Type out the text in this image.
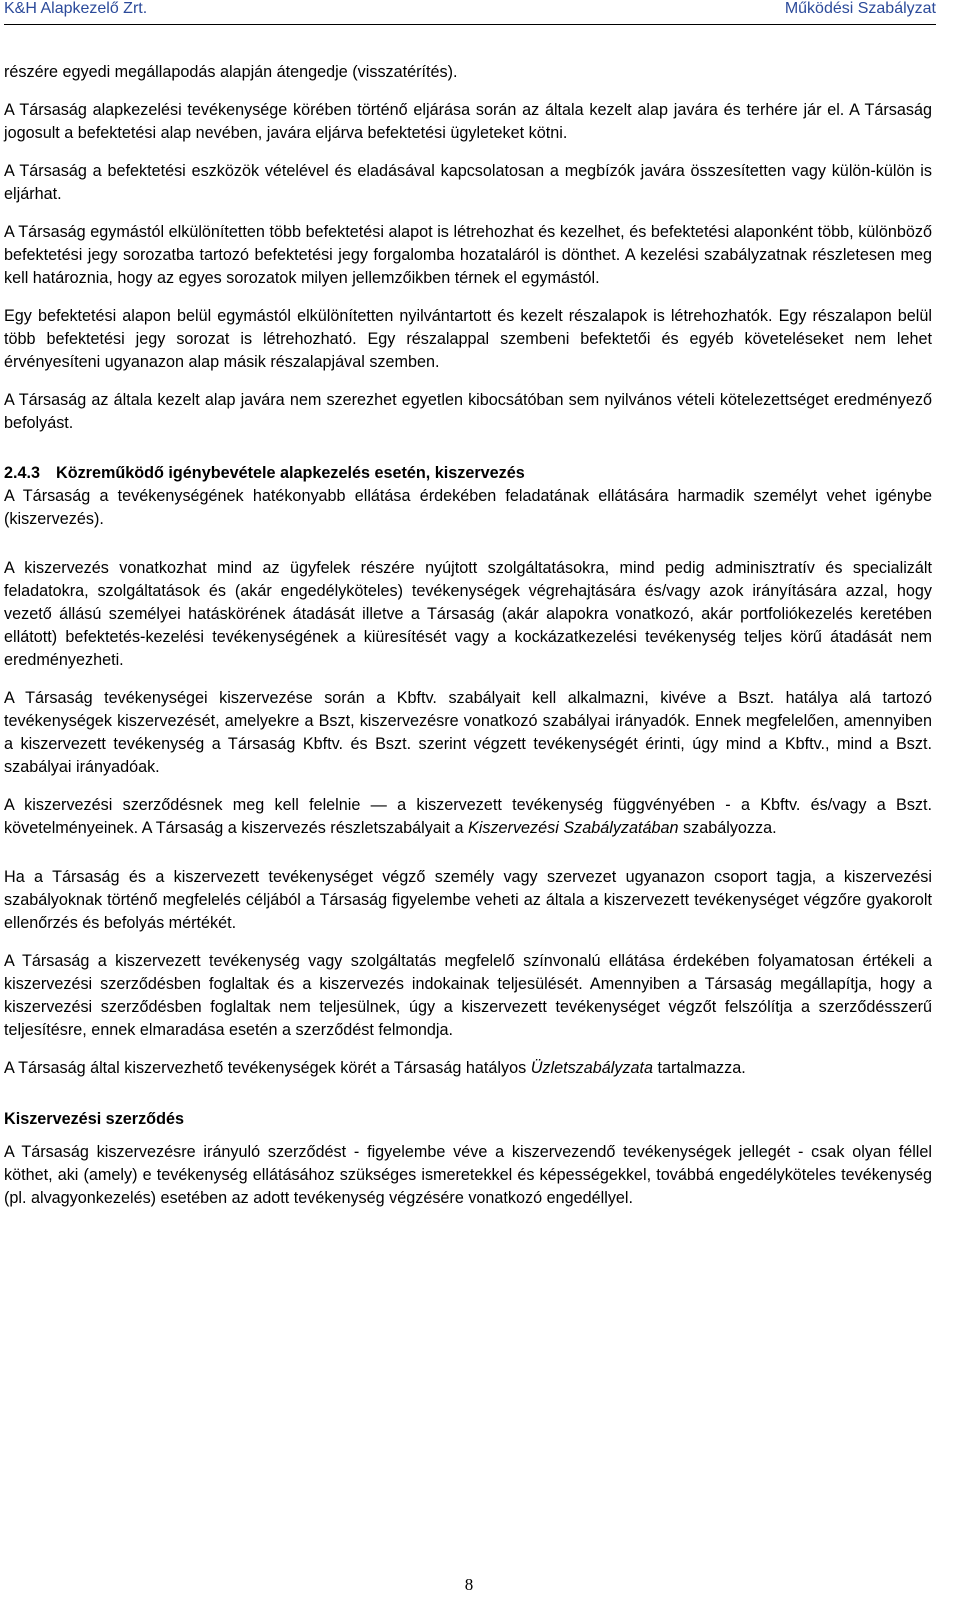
K&H Alapkezelő Zrt.	Működési Szabályzat

részére egyedi megállapodás alapján átengedje (visszatérítés).

A Társaság alapkezelési tevékenysége körében történő eljárása során az általa kezelt alap javára és terhére jár el. A Társaság jogosult a befektetési alap nevében, javára eljárva befektetési ügyleteket kötni.

A Társaság a befektetési eszközök vételével és eladásával kapcsolatosan a megbízók javára összesítetten vagy külön-külön is eljárhat.

A Társaság egymástól elkülönítetten több befektetési alapot is létrehozhat és kezelhet, és befektetési alaponként több, különböző befektetési jegy sorozatba tartozó befektetési jegy forgalomba hozataláról is dönthet. A kezelési szabályzatnak részletesen meg kell határoznia, hogy az egyes sorozatok milyen jellemzőikben térnek el egymástól.

Egy befektetési alapon belül egymástól elkülönítetten nyilvántartott és kezelt részalapok is létrehozhatók. Egy részalapon belül több befektetési jegy sorozat is létrehozható. Egy részalappal szembeni befektetői és egyéb követeléseket nem lehet érvényesíteni ugyanazon alap másik részalapjával szemben.

A Társaság az általa kezelt alap javára nem szerezhet egyetlen kibocsátóban sem nyilvános vételi kötelezettséget eredményező befolyást.

2.4.3 Közreműködő igénybevétele alapkezelés esetén, kiszervezés

A Társaság a tevékenységének hatékonyabb ellátása érdekében feladatának ellátására harmadik személyt vehet igénybe (kiszervezés).

A kiszervezés vonatkozhat mind az ügyfelek részére nyújtott szolgáltatásokra, mind pedig adminisztratív és specializált feladatokra, szolgáltatások és (akár engedélyköteles) tevékenységek végrehajtására és/vagy azok irányítására azzal, hogy vezető állású személyei hatáskörének átadását illetve a Társaság (akár alapokra vonatkozó, akár portfoliókezelés keretében ellátott) befektetés-kezelési tevékenységének a kiüresítését vagy a kockázatkezelési tevékenység teljes körű átadását nem eredményezheti.

A Társaság tevékenységei kiszervezése során a Kbftv. szabályait kell alkalmazni, kivéve a Bszt. hatálya alá tartozó tevékenységek kiszervezését, amelyekre a Bszt, kiszervezésre vonatkozó szabályai irányadók. Ennek megfelelően, amennyiben a kiszervezett tevékenység a Társaság Kbftv. és Bszt. szerint végzett tevékenységét érinti, úgy mind a Kbftv., mind a Bszt. szabályai irányadóak.

A kiszervezési szerződésnek meg kell felelnie — a kiszervezett tevékenység függvényében - a Kbftv. és/vagy a Bszt. követelményeinek. A Társaság a kiszervezés részletszabályait a Kiszervezési Szabályzatában szabályozza.

Ha a Társaság és a kiszervezett tevékenységet végző személy vagy szervezet ugyanazon csoport tagja, a kiszervezési szabályoknak történő megfelelés céljából a Társaság figyelembe veheti az általa a kiszervezett tevékenységet végzőre gyakorolt ellenőrzés és befolyás mértékét.

A Társaság a kiszervezett tevékenység vagy szolgáltatás megfelelő színvonalú ellátása érdekében folyamatosan értékeli a kiszervezési szerződésben foglaltak és a kiszervezés indokainak teljesülését. Amennyiben a Társaság megállapítja, hogy a kiszervezési szerződésben foglaltak nem teljesülnek, úgy a kiszervezett tevékenységet végzőt felszólítja a szerződésszerű teljesítésre, ennek elmaradása esetén a szerződést felmondja.

A Társaság által kiszervezhető tevékenységek körét a Társaság hatályos Üzletszabályzata tartalmazza.

Kiszervezési szerződés

A Társaság kiszervezésre irányuló szerződést - figyelembe véve a kiszervezendő tevékenységek jellegét - csak olyan féllel köthet, aki (amely) e tevékenység ellátásához szükséges ismeretekkel és képességekkel, továbbá engedélyköteles tevékenység (pl. alvagyonkezelés) esetében az adott tevékenység végzésére vonatkozó engedéllyel.

8
